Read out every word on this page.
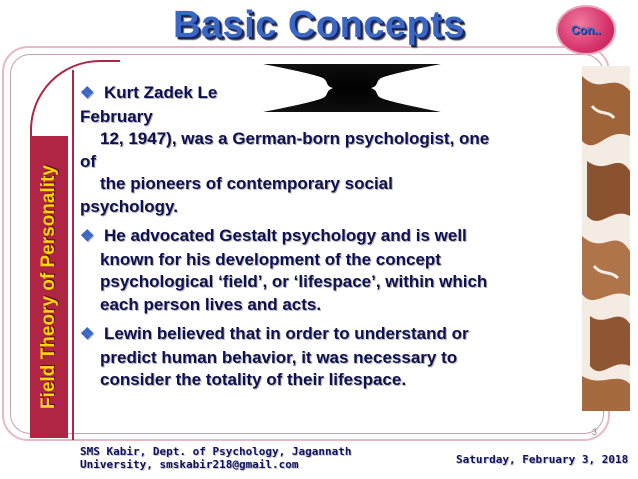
Basic Concepts	Con..
Field Theory of Personality
❖ Kurt Zadek Le
February
12, 1947), was a German-born psychologist, one
of
the pioneers of contemporary social
psychology.
❖ He advocated Gestalt psychology and is well
known for his development of the concept
psychological ‘field’, or ‘lifespace’, within which
each person lives and acts.
❖ Lewin believed that in order to understand or
predict human behavior, it was necessary to
consider the totality of their lifespace.
3
SMS Kabir, Dept. of Psychology, Jagannath
University, smskabir218@gmail.com	Saturday, February 3, 2018
